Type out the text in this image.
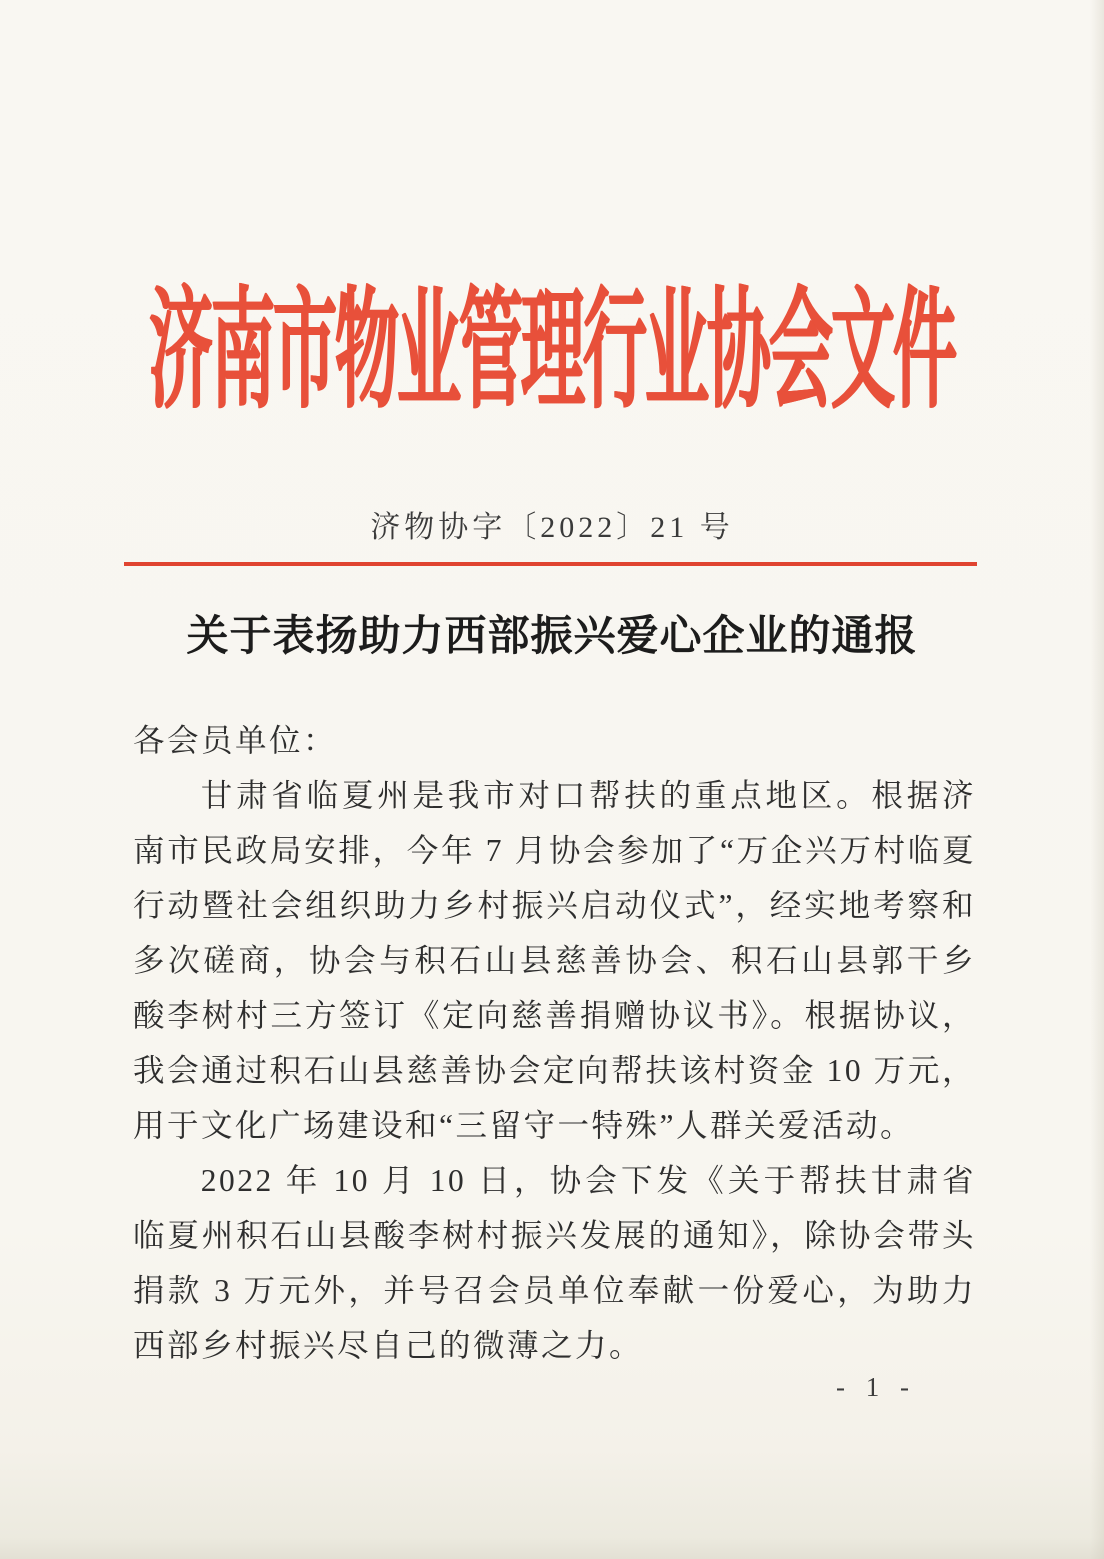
济南市物业管理行业协会文件
济物协字〔2022〕21 号
关于表扬助力西部振兴爱心企业的通报

各会员单位：

甘肃省临夏州是我市对口帮扶的重点地区。根据济南市民政局安排，今年 7 月协会参加了“万企兴万村临夏行动暨社会组织助力乡村振兴启动仪式”，经实地考察和多次磋商，协会与积石山县慈善协会、积石山县郭干乡酸李树村三方签订《定向慈善捐赠协议书》。根据协议，我会通过积石山县慈善协会定向帮扶该村资金 10 万元，用于文化广场建设和“三留守一特殊”人群关爱活动。

2022 年 10 月 10 日，协会下发《关于帮扶甘肃省临夏州积石山县酸李树村振兴发展的通知》，除协会带头捐款 3 万元外，并号召会员单位奉献一份爱心，为助力西部乡村振兴尽自己的微薄之力。

- 1 -
